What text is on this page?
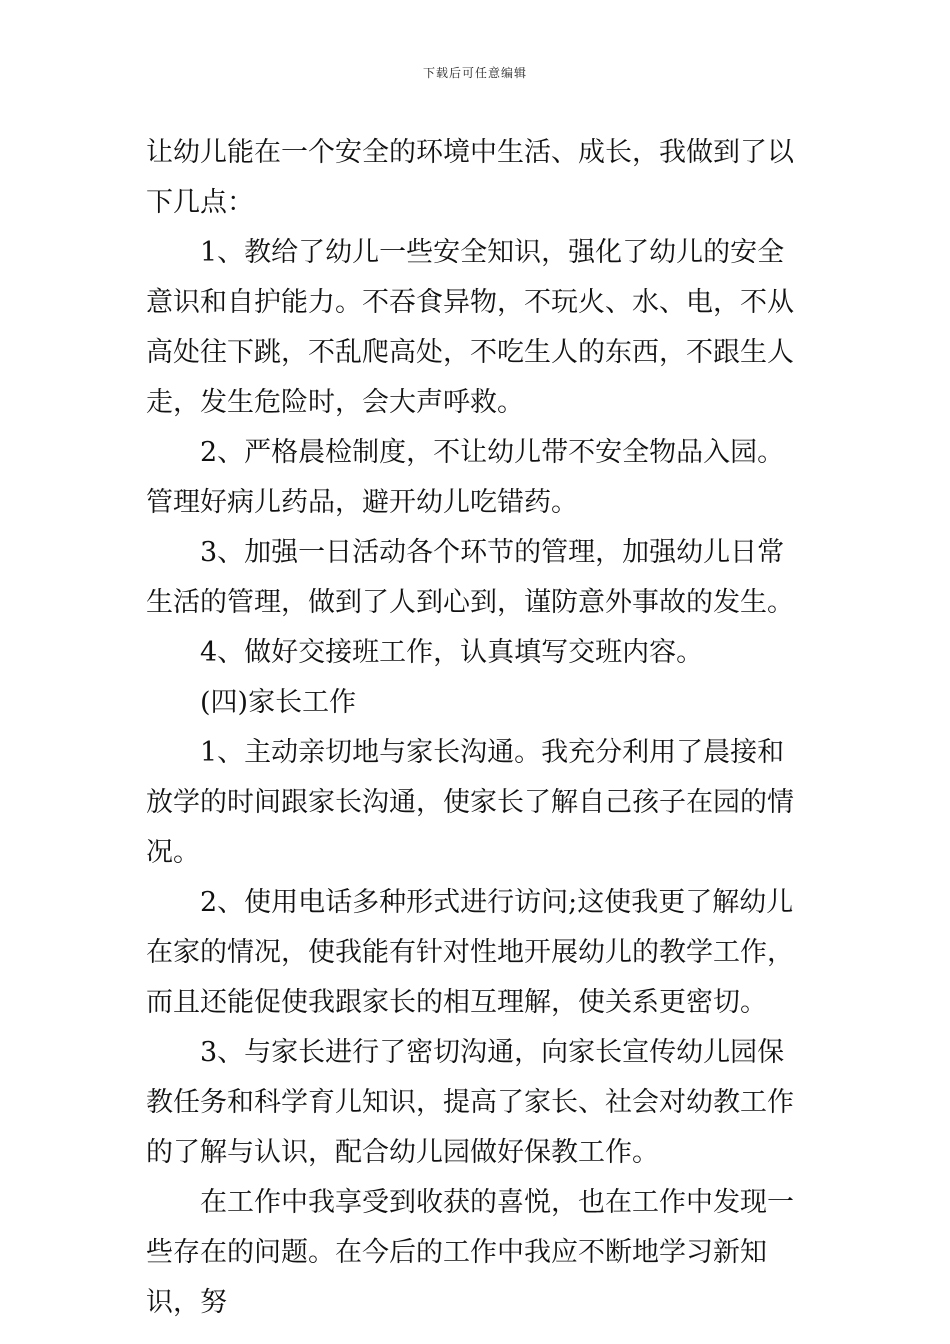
下载后可任意编辑

让幼儿能在一个安全的环境中生活、成长，我做到了以下几点：

1、教给了幼儿一些安全知识，强化了幼儿的安全意识和自护能力。不吞食异物，不玩火、水、电，不从高处往下跳，不乱爬高处，不吃生人的东西，不跟生人走，发生危险时，会大声呼救。

2、严格晨检制度，不让幼儿带不安全物品入园。管理好病儿药品，避开幼儿吃错药。

3、加强一日活动各个环节的管理，加强幼儿日常生活的管理，做到了人到心到，谨防意外事故的发生。

4、做好交接班工作，认真填写交班内容。

(四)家长工作

1、主动亲切地与家长沟通。我充分利用了晨接和放学的时间跟家长沟通，使家长了解自己孩子在园的情况。

2、使用电话多种形式进行访问;这使我更了解幼儿在家的情况，使我能有针对性地开展幼儿的教学工作，而且还能促使我跟家长的相互理解，使关系更密切。

3、与家长进行了密切沟通，向家长宣传幼儿园保教任务和科学育儿知识，提高了家长、社会对幼教工作的了解与认识，配合幼儿园做好保教工作。

在工作中我享受到收获的喜悦，也在工作中发现一些存在的问题。在今后的工作中我应不断地学习新知识，努
